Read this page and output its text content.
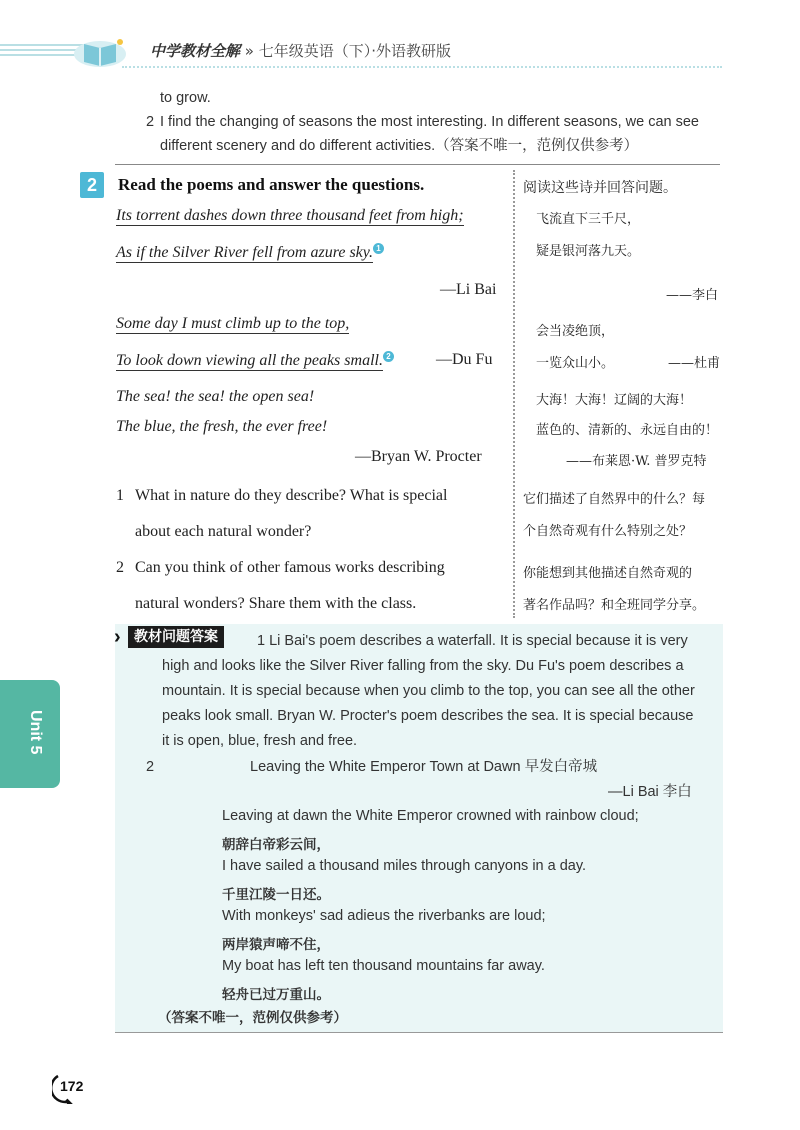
中学教材全解 » 七年级英语（下）·外语教研版
to grow.
2 I find the changing of seasons the most interesting. In different seasons, we can see
different scenery and do different activities.（答案不唯一，范例仅供参考）
2	Read the poems and answer the questions.	阅读这些诗并回答问题。
Its torrent dashes down three thousand feet from high;
As if the Silver River fell from azure sky. 1
—Li Bai
飞流直下三千尺，
疑是银河落九天。
——李白
Some day I must climb up to the top,
To look down viewing all the peaks small. 2	—Du Fu
会当凌绝顶，
一览众山小。	——杜甫
The sea! the sea! the open sea!
The blue, the fresh, the ever free!
—Bryan W. Procter
大海！大海！辽阔的大海！
蓝色的、清新的、永远自由的！
——布莱恩·W. 普罗克特
1 What in nature do they describe? What is special
about each natural wonder?
它们描述了自然界中的什么？每
个自然奇观有什么特别之处？
2 Can you think of other famous works describing
natural wonders? Share them with the class.
你能想到其他描述自然奇观的
著名作品吗？和全班同学分享。
› 教材问题答案	1 Li Bai's poem describes a waterfall. It is special because it is very
high and looks like the Silver River falling from the sky. Du Fu's poem describes a
mountain. It is special because when you climb to the top, you can see all the other
peaks look small. Bryan W. Procter's poem describes the sea. It is special because
it is open, blue, fresh and free.
2	Leaving the White Emperor Town at Dawn 早发白帝城
—Li Bai 李白
Leaving at dawn the White Emperor crowned with rainbow cloud;
朝辞白帝彩云间，
I have sailed a thousand miles through canyons in a day.
千里江陵一日还。
With monkeys' sad adieus the riverbanks are loud;
两岸猿声啼不住，
My boat has left ten thousand mountains far away.
轻舟已过万重山。
（答案不唯一，范例仅供参考）
Unit 5
172
